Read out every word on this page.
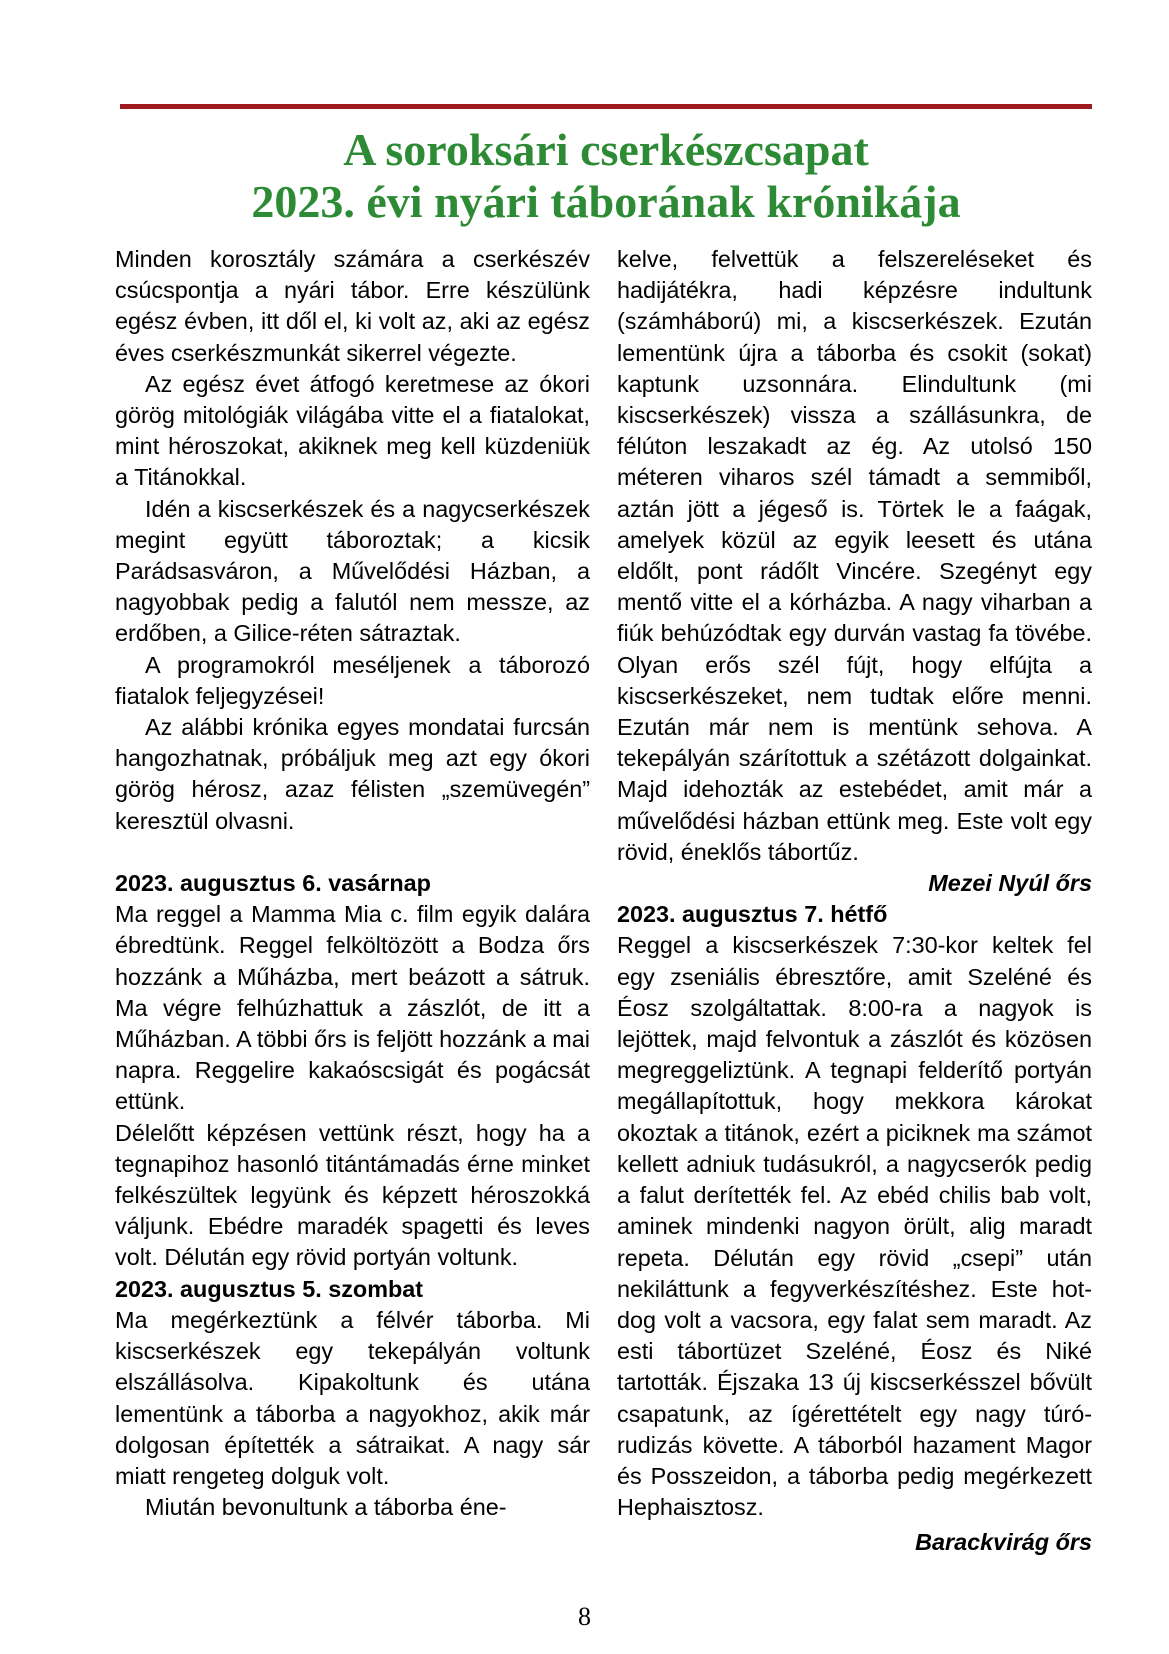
A soroksári cserkészcsapat
2023. évi nyári táborának krónikája

Minden korosztály számára a cserkészév csúcspontja a nyári tábor. Erre készülünk egész évben, itt dől el, ki volt az, aki az egész éves cserkészmunkát sikerrel végezte.

Az egész évet átfogó keretmese az ókori görög mitológiák világába vitte el a fiatalokat, mint héroszokat, akiknek meg kell küzdeniük a Titánokkal.

Idén a kiscserkészek és a nagycserkészek megint együtt táboroztak; a kicsik Parádsasváron, a Művelődési Házban, a nagyobbak pedig a falutól nem messze, az erdőben, a Gilice-réten sátraztak.

A programokról meséljenek a táborozó fiatalok feljegyzései!

Az alábbi krónika egyes mondatai furcsán hangozhatnak, próbáljuk meg azt egy ókori görög hérosz, azaz félisten „szemüvegén” keresztül olvasni.

2023. augusztus 6. vasárnap

Ma reggel a Mamma Mia c. film egyik dalára ébredtünk. Reggel felköltözött a Bodza őrs hozzánk a Műházba, mert beázott a sátruk. Ma végre felhúzhattuk a zászlót, de itt a Műházban. A többi őrs is feljött hozzánk a mai napra. Reggelire kakaóscsigát és pogácsát ettünk.

Délelőtt képzésen vettünk részt, hogy ha a tegnapihoz hasonló titántámadás érne minket felkészültek legyünk és képzett héroszokká váljunk. Ebédre maradék spagetti és leves volt. Délután egy rövid portyán voltunk.

2023. augusztus 5. szombat

Ma megérkeztünk a félvér táborba. Mi kiscserkészek egy tekepályán voltunk elszállásolva. Kipakoltunk és utána lementünk a táborba a nagyokhoz, akik már dolgosan építették a sátraikat. A nagy sár miatt rengeteg dolguk volt.

Miután bevonultunk a táborba éne-

kelve, felvettük a felszereléseket és hadijátékra, hadi képzésre indultunk (számháború) mi, a kiscserkészek. Ezután lementünk újra a táborba és csokit (sokat) kaptunk uzsonnára. Elindultunk (mi kiscserkészek) vissza a szállásunkra, de félúton leszakadt az ég. Az utolsó 150 méteren viharos szél támadt a semmiből, aztán jött a jégeső is. Törtek le a faágak, amelyek közül az egyik leesett és utána eldőlt, pont rádőlt Vincére. Szegényt egy mentő vitte el a kórházba. A nagy viharban a fiúk behúzódtak egy durván vastag fa tövébe. Olyan erős szél fújt, hogy elfújta a kiscserkészeket, nem tudtak előre menni. Ezután már nem is mentünk sehova. A tekepályán szárítottuk a szétázott dolgainkat. Majd idehozták az estebédet, amit már a művelődési házban ettünk meg. Este volt egy rövid, éneklős tábortűz.

Mezei Nyúl őrs

2023. augusztus 7. hétfő

Reggel a kiscserkészek 7:30-kor keltek fel egy zseniális ébresztőre, amit Szeléné és Éosz szolgáltattak. 8:00-ra a nagyok is lejöttek, majd felvontuk a zászlót és közösen megreggeliztünk. A tegnapi felderítő portyán megállapítottuk, hogy mekkora károkat okoztak a titánok, ezért a piciknek ma számot kellett adniuk tudásukról, a nagycserók pedig a falut derítették fel. Az ebéd chilis bab volt, aminek mindenki nagyon örült, alig maradt repeta. Délután egy rövid „csepi” után nekiláttunk a fegyverkészítéshez. Este hot-dog volt a vacsora, egy falat sem maradt. Az esti tábortüzet Szeléné, Éosz és Niké tartották. Éjszaka 13 új kiscserkésszel bővült csapatunk, az ígérettételt egy nagy túró-rudizás követte. A táborból hazament Magor és Posszeidon, a táborba pedig megérkezett Hephaisztosz.

Barackvirág őrs

8
